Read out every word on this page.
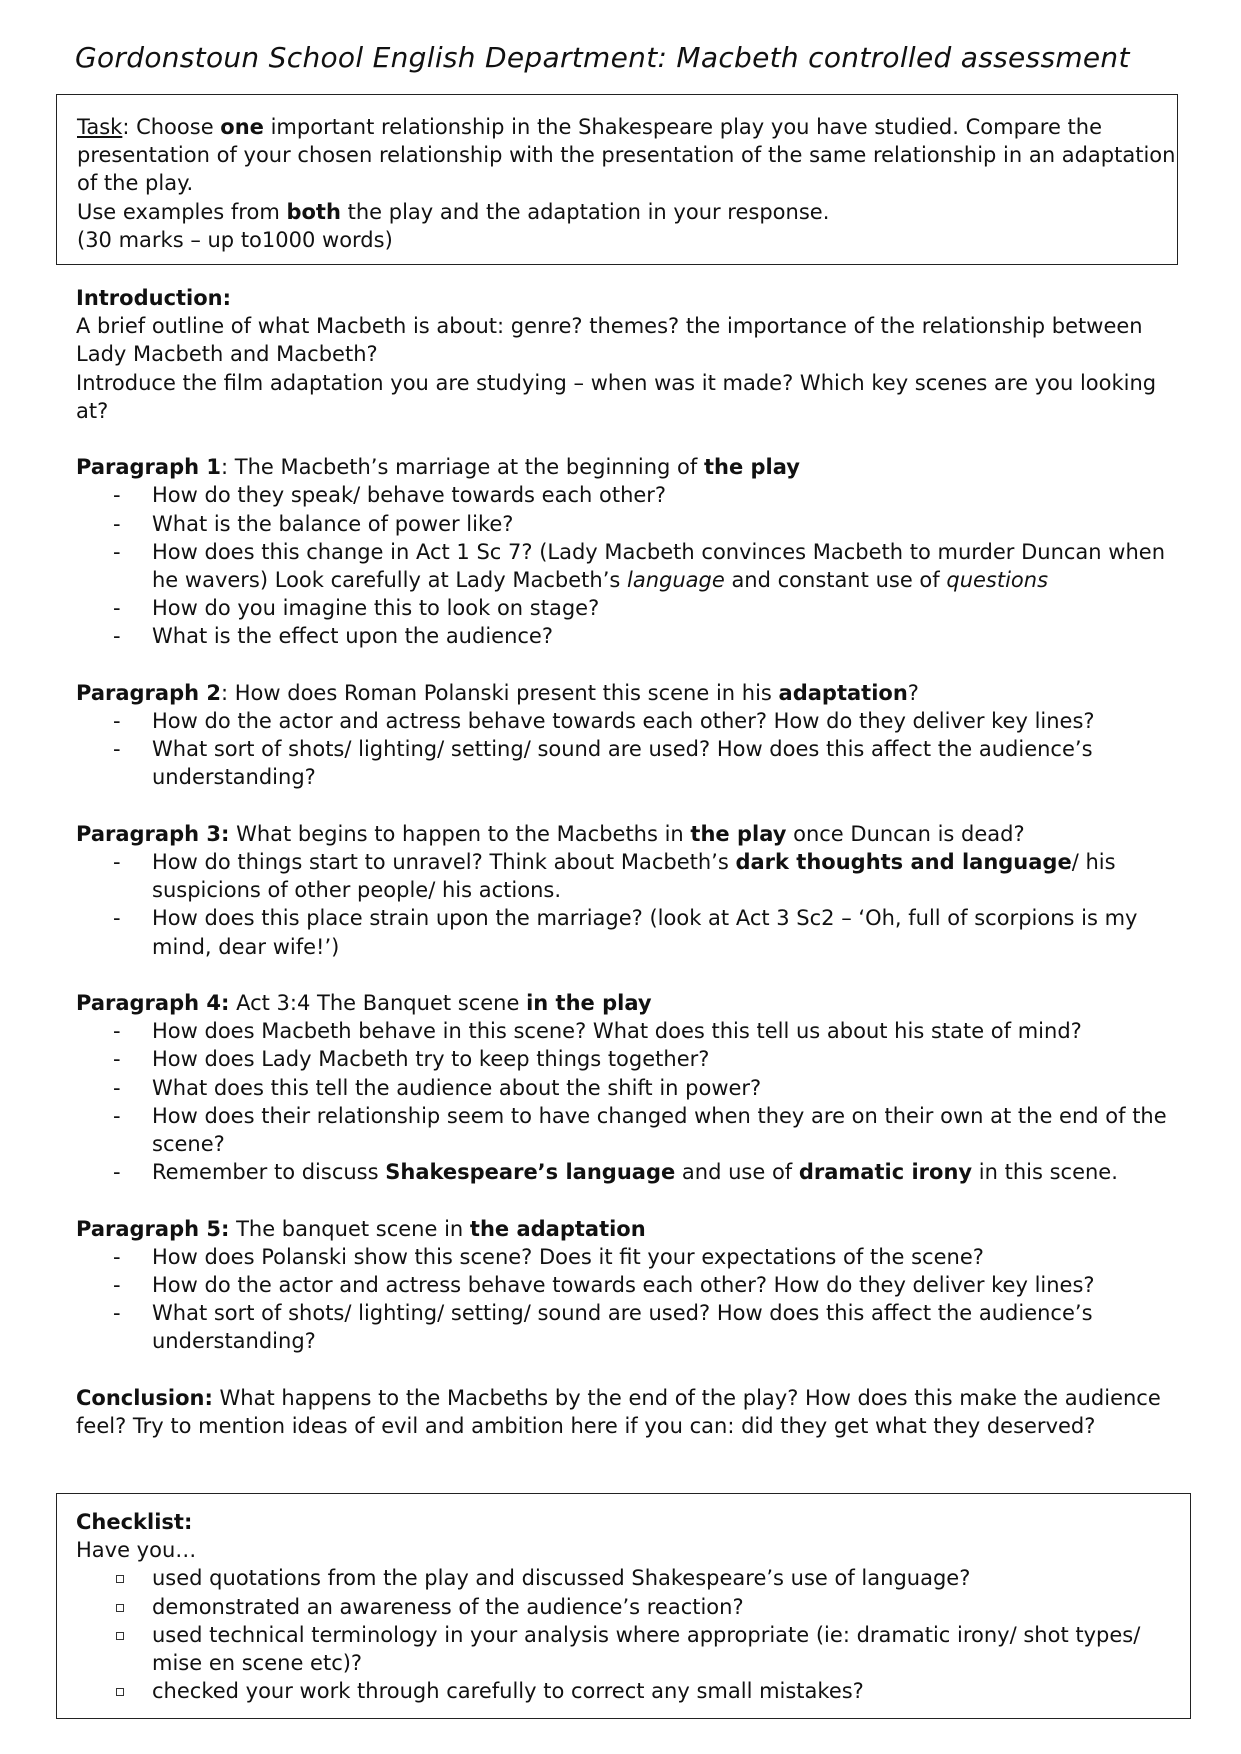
Gordonstoun School English Department: Macbeth controlled assessment

Task: Choose one important relationship in the Shakespeare play you have studied. Compare the presentation of your chosen relationship with the presentation of the same relationship in an adaptation of the play.

Use examples from both the play and the adaptation in your response.

(30 marks – up to1000 words)

Introduction:

A brief outline of what Macbeth is about: genre? themes? the importance of the relationship between Lady Macbeth and Macbeth?

Introduce the film adaptation you are studying – when was it made? Which key scenes are you looking at?

Paragraph 1: The Macbeth’s marriage at the beginning of the play

- How do they speak/ behave towards each other?
- What is the balance of power like?
- How does this change in Act 1 Sc 7? (Lady Macbeth convinces Macbeth to murder Duncan when he wavers) Look carefully at Lady Macbeth’s language and constant use of questions
- How do you imagine this to look on stage?
- What is the effect upon the audience?

Paragraph 2: How does Roman Polanski present this scene in his adaptation?

- How do the actor and actress behave towards each other? How do they deliver key lines?
- What sort of shots/ lighting/ setting/ sound are used? How does this affect the audience’s understanding?

Paragraph 3: What begins to happen to the Macbeths in the play once Duncan is dead?

- How do things start to unravel? Think about Macbeth’s dark thoughts and language/ his suspicions of other people/ his actions.
- How does this place strain upon the marriage? (look at Act 3 Sc2 – ‘Oh, full of scorpions is my mind, dear wife!’)

Paragraph 4: Act 3:4 The Banquet scene in the play

- How does Macbeth behave in this scene? What does this tell us about his state of mind?
- How does Lady Macbeth try to keep things together?
- What does this tell the audience about the shift in power?
- How does their relationship seem to have changed when they are on their own at the end of the scene?
- Remember to discuss Shakespeare’s language and use of dramatic irony in this scene.

Paragraph 5: The banquet scene in the adaptation

- How does Polanski show this scene? Does it fit your expectations of the scene?
- How do the actor and actress behave towards each other? How do they deliver key lines?
- What sort of shots/ lighting/ setting/ sound are used? How does this affect the audience’s understanding?

Conclusion: What happens to the Macbeths by the end of the play? How does this make the audience feel? Try to mention ideas of evil and ambition here if you can: did they get what they deserved?

Checklist:

Have you…

used quotations from the play and discussed Shakespeare’s use of language?
demonstrated an awareness of the audience’s reaction?
used technical terminology in your analysis where appropriate (ie: dramatic irony/ shot types/ mise en scene etc)?
checked your work through carefully to correct any small mistakes?
